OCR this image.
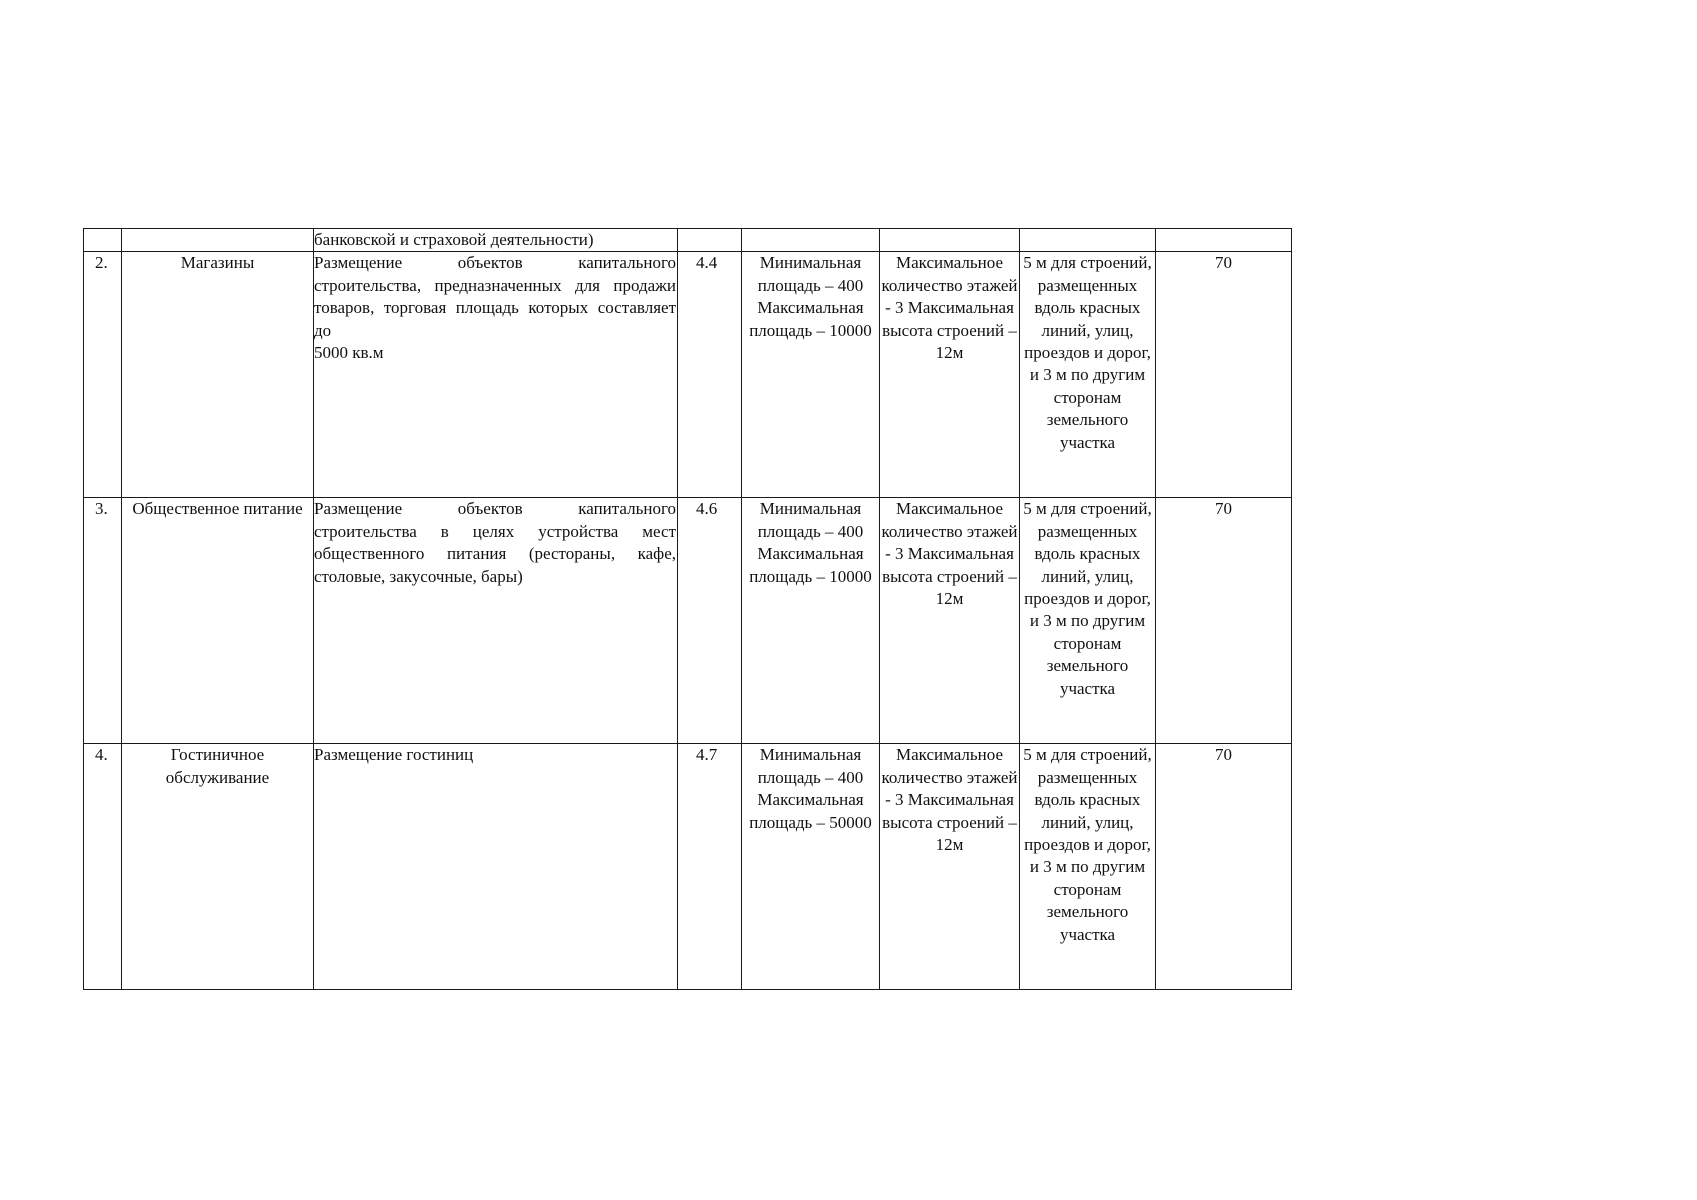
		банковской и страховой деятельности)					
2.	Магазины	Размещение объектов капитального строительства, предназначенных для продажи товаров, торговая площадь которых составляет до
5000 кв.м	4.4	Минимальная площадь – 400 Максимальная площадь – 10000	Максимальное количество этажей - 3 Максимальная высота строений – 12м	5 м для строений, размещенных вдоль красных линий, улиц, проездов и дорог, и 3 м по другим сторонам земельного участка	70
3.	Общественное питание	Размещение объектов капитального строительства в целях устройства мест общественного питания (рестораны, кафе, столовые, закусочные, бары)	4.6	Минимальная площадь – 400 Максимальная площадь – 10000	Максимальное количество этажей - 3 Максимальная высота строений – 12м	5 м для строений, размещенных вдоль красных линий, улиц, проездов и дорог, и 3 м по другим сторонам земельного участка	70
4.	Гостиничное обслуживание	Размещение гостиниц	4.7	Минимальная площадь – 400 Максимальная площадь – 50000	Максимальное количество этажей - 3 Максимальная высота строений – 12м	5 м для строений, размещенных вдоль красных линий, улиц, проездов и дорог, и 3 м по другим сторонам земельного участка	70
